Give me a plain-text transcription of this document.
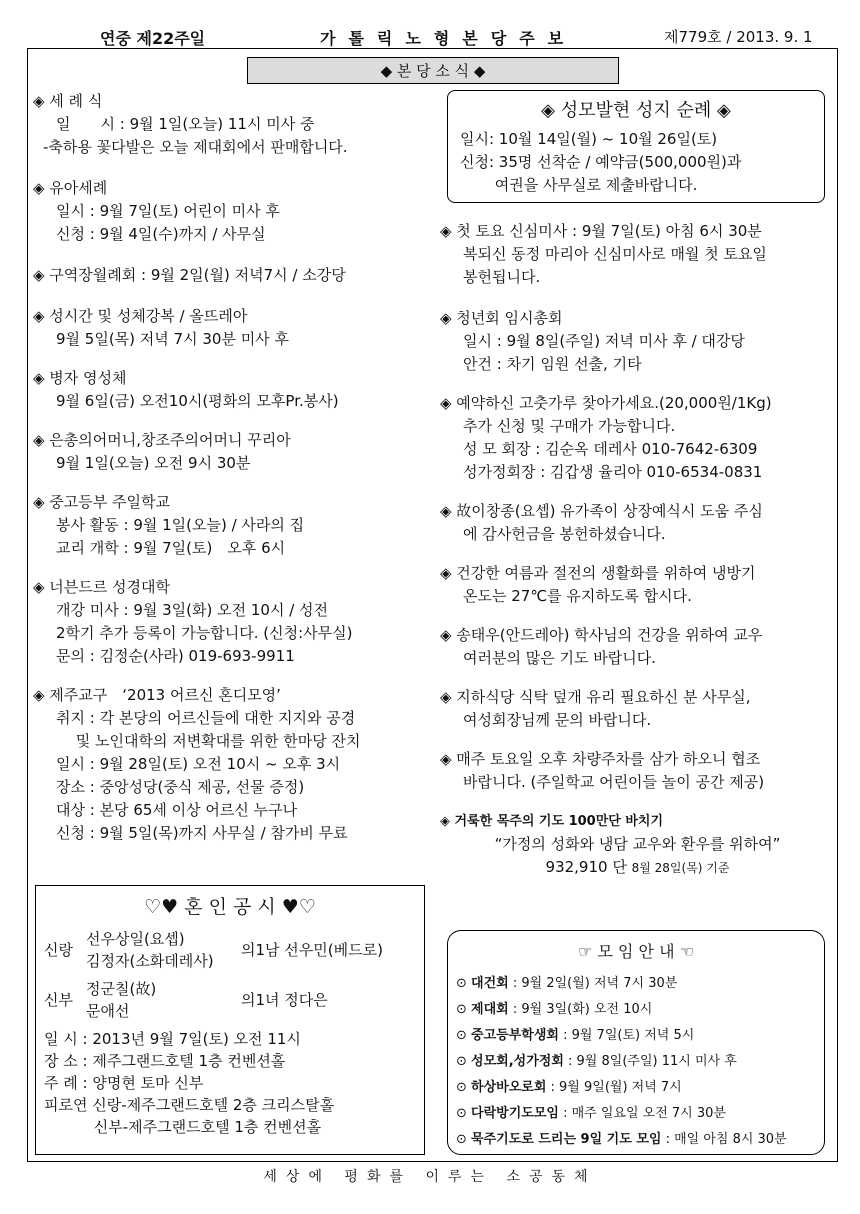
연중 제22주일	가톨릭노형본당주보	제779호 / 2013. 9. 1
◆ 본 당 소 식 ◆
◈ 세 례 식
일　　시 : 9월 1일(오늘) 11시 미사 중
-축하용 꽃다발은 오늘 제대회에서 판매합니다.
◈ 유아세례
일시 : 9월 7일(토) 어린이 미사 후
신청 : 9월 4일(수)까지 / 사무실
◈ 구역장월례회 : 9월 2일(월) 저녁7시 / 소강당
◈ 성시간 및 성체강복 / 올뜨레아
9월 5일(목) 저녁 7시 30분 미사 후
◈ 병자 영성체
9월 6일(금) 오전10시(평화의 모후Pr.봉사)
◈ 은총의어머니,창조주의어머니 꾸리아
9월 1일(오늘) 오전 9시 30분
◈ 중고등부 주일학교
봉사 활동 : 9월 1일(오늘) / 사라의 집
교리 개학 : 9월 7일(토)　오후 6시
◈ 너븐드르 성경대학
개강 미사 : 9월 3일(화) 오전 10시 / 성전
2학기 추가 등록이 가능합니다. (신청:사무실)
문의 : 김정순(사라) 019-693-9911
◈ 제주교구　‘2013 어르신 혼디모영’
취지 : 각 본당의 어르신들에 대한 지지와 공경
　 및 노인대학의 저변확대를 위한 한마당 잔치
일시 : 9월 28일(토) 오전 10시 ~ 오후 3시
장소 : 중앙성당(중식 제공, 선물 증정)
대상 : 본당 65세 이상 어르신 누구나
신청 : 9월 5일(목)까지 사무실 / 참가비 무료
◈ 성모발현 성지 순례 ◈
일시: 10월 14일(월) ~ 10월 26일(토)
신청: 35명 선착순 / 예약금(500,000원)과
　　 여권을 사무실로 제출바랍니다.
◈ 첫 토요 신심미사 : 9월 7일(토) 아침 6시 30분
복되신 동정 마리아 신심미사로 매월 첫 토요일
봉헌됩니다.
◈ 청년회 임시총회
일시 : 9월 8일(주일) 저녁 미사 후 / 대강당
안건 : 차기 임원 선출, 기타
◈ 예약하신 고춧가루 찾아가세요.(20,000원/1Kg)
추가 신청 및 구매가 가능합니다.
성 모 회장 : 김순옥 데레사 010-7642-6309
성가정회장 : 김갑생 율리아 010-6534-0831
◈ 故이창종(요셉) 유가족이 상장예식시 도움 주심
에 감사헌금을 봉헌하셨습니다.
◈ 건강한 여름과 절전의 생활화를 위하여 냉방기
온도는 27℃를 유지하도록 합시다.
◈ 송태우(안드레아) 학사님의 건강을 위하여 교우
여러분의 많은 기도 바랍니다.
◈ 지하식당 식탁 덮개 유리 필요하신 분 사무실,
여성회장님께 문의 바랍니다.
◈ 매주 토요일 오후 차량주차를 삼가 하오니 협조
바랍니다. (주일학교 어린이들 놀이 공간 제공)
◈ 거룩한 목주의 기도 100만단 바치기
“가정의 성화와 냉담 교우와 환우를 위하여”
932,910 단 8월 28일(목) 기준
♡♥ 혼 인 공 시 ♥♡
신랑
선우상일(요셉)
김정자(소화데레사)
의1남 선우민(베드로)
신부
정군칠(故)
문애선
의1녀 정다은
일 시 : 2013년 9월 7일(토) 오전 11시
장 소 : 제주그랜드호텔 1층 컨벤션홀
주 례 : 양명현 토마 신부
피로연 신랑-제주그랜드호텔 2층 크리스탈홀
　　　 신부-제주그랜드호텔 1층 컨벤션홀
☞ 모 임 안 내 ☜
⊙ 대건회 : 9월 2일(월) 저녁 7시 30분
⊙ 제대회 : 9월 3일(화) 오전 10시
⊙ 중고등부학생회 : 9월 7일(토) 저녁 5시
⊙ 성모회,성가정회 : 9월 8일(주일) 11시 미사 후
⊙ 하상바오로회 : 9월 9일(월) 저녁 7시
⊙ 다락방기도모임 : 매주 일요일 오전 7시 30분
⊙ 묵주기도로 드리는 9일 기도 모임 : 매일 아침 8시 30분
세상에 평화를 이루는 소공동체
